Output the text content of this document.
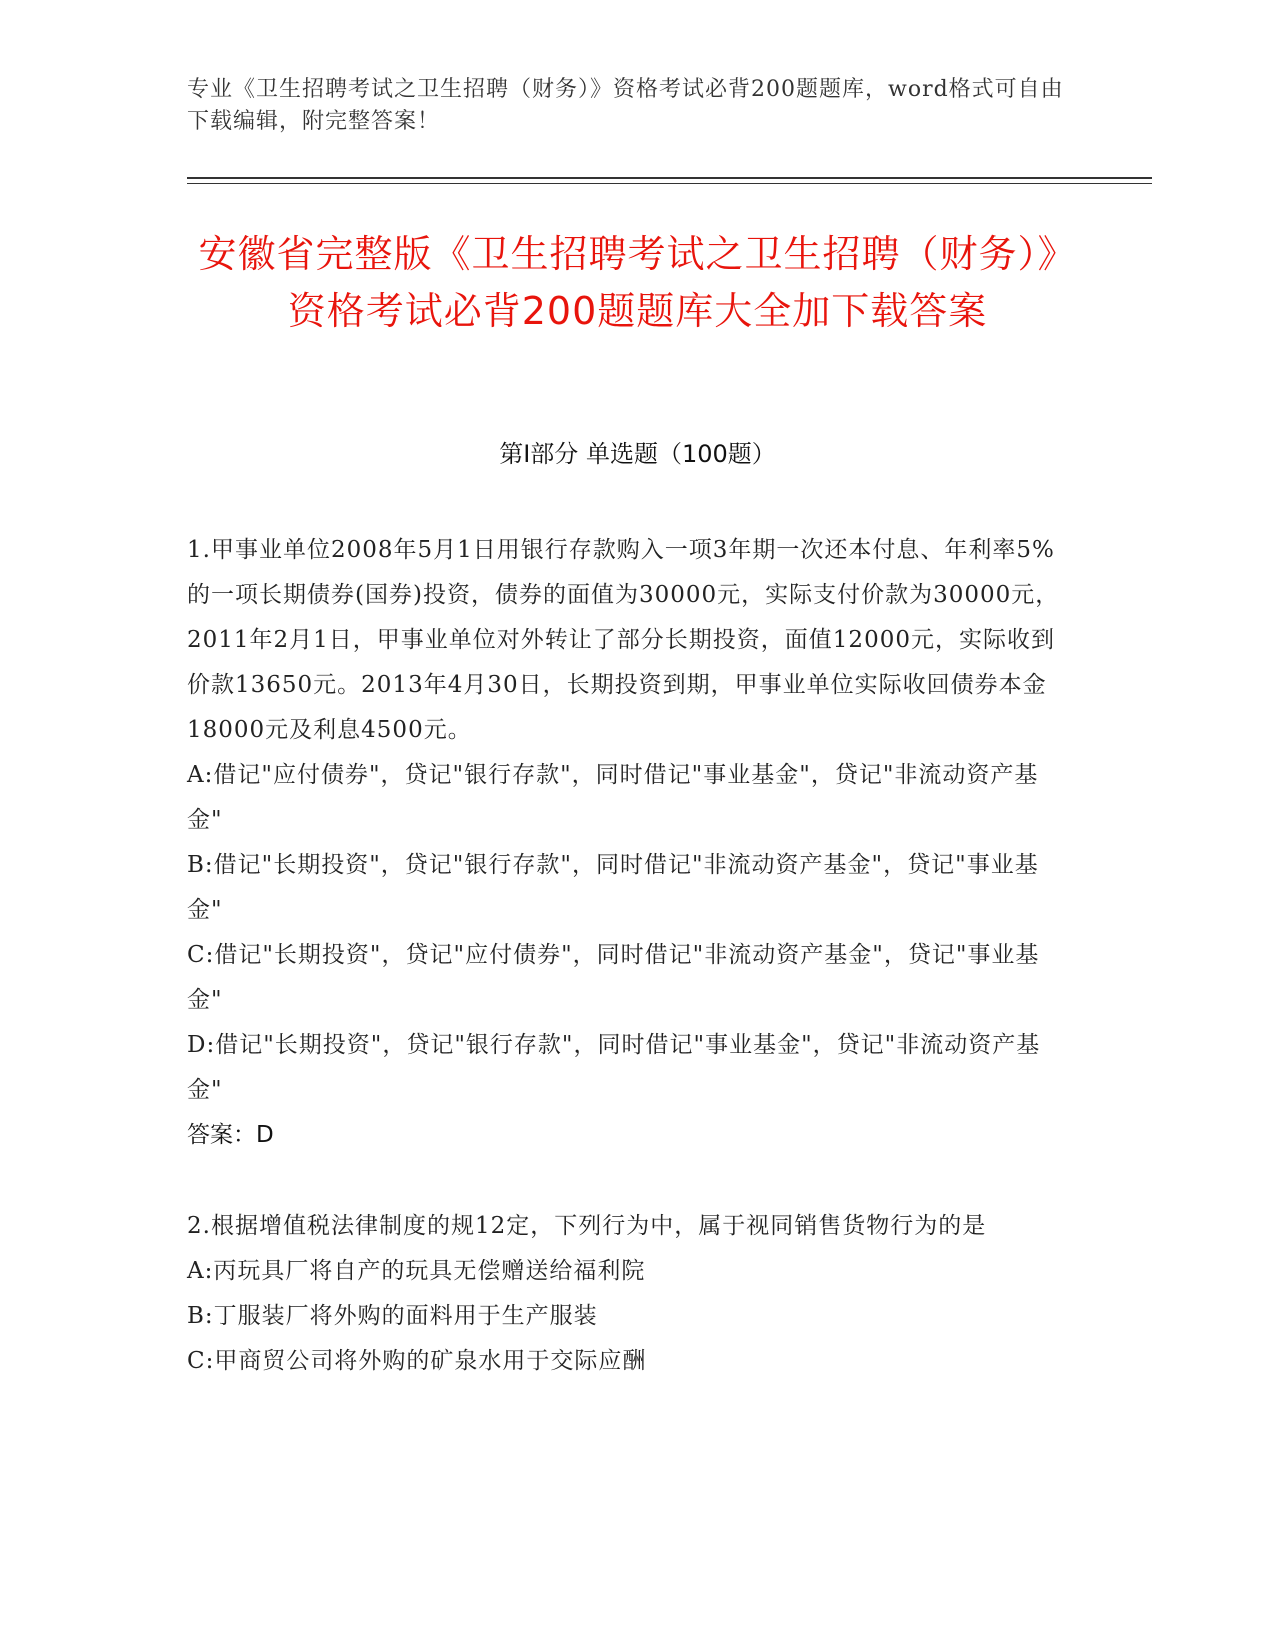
专业《卫生招聘考试之卫生招聘（财务）》资格考试必背200题题库，word格式可自由下载编辑，附完整答案！
安徽省完整版《卫生招聘考试之卫生招聘（财务）》资格考试必背200题题库大全加下载答案
第I部分 单选题（100题）
1.甲事业单位2008年5月1日用银行存款购入一项3年期一次还本付息、年利率5%的一项长期债券(国券)投资，债券的面值为30000元，实际支付价款为30000元，2011年2月1日，甲事业单位对外转让了部分长期投资，面值12000元，实际收到价款13650元。2013年4月30日，长期投资到期，甲事业单位实际收回债券本金18000元及利息4500元。
A:借记"应付债券"，贷记"银行存款"，同时借记"事业基金"，贷记"非流动资产基金"
B:借记"长期投资"，贷记"银行存款"，同时借记"非流动资产基金"，贷记"事业基金"
C:借记"长期投资"，贷记"应付债券"，同时借记"非流动资产基金"，贷记"事业基金"
D:借记"长期投资"，贷记"银行存款"，同时借记"事业基金"，贷记"非流动资产基金"
答案：D
2.根据增值税法律制度的规12定，下列行为中，属于视同销售货物行为的是
A:丙玩具厂将自产的玩具无偿赠送给福利院
B:丁服装厂将外购的面料用于生产服装
C:甲商贸公司将外购的矿泉水用于交际应酬
